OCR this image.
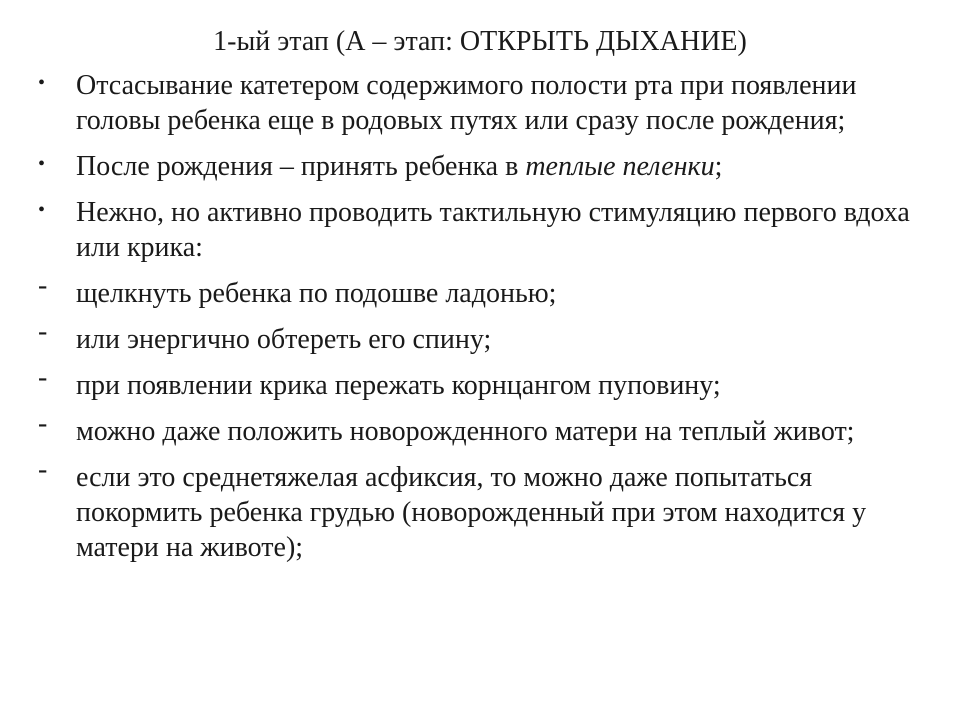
1-ый этап (А – этап: ОТКРЫТЬ ДЫХАНИЕ)
•	Отсасывание катетером содержимого полости рта при появлении головы ребенка еще в родовых путях или сразу после рождения;
•	После рождения – принять ребенка в теплые пеленки;
•	Нежно, но активно проводить тактильную стимуляцию первого вдоха или крика:
-	щелкнуть ребенка по подошве ладонью;
-	или энергично обтереть его спину;
-	при появлении крика пережать корнцангом пуповину;
-	можно даже положить новорожденного матери на теплый живот;
-	если это среднетяжелая асфиксия, то можно даже попытаться покормить ребенка грудью (новорожденный при этом находится у матери на животе);
